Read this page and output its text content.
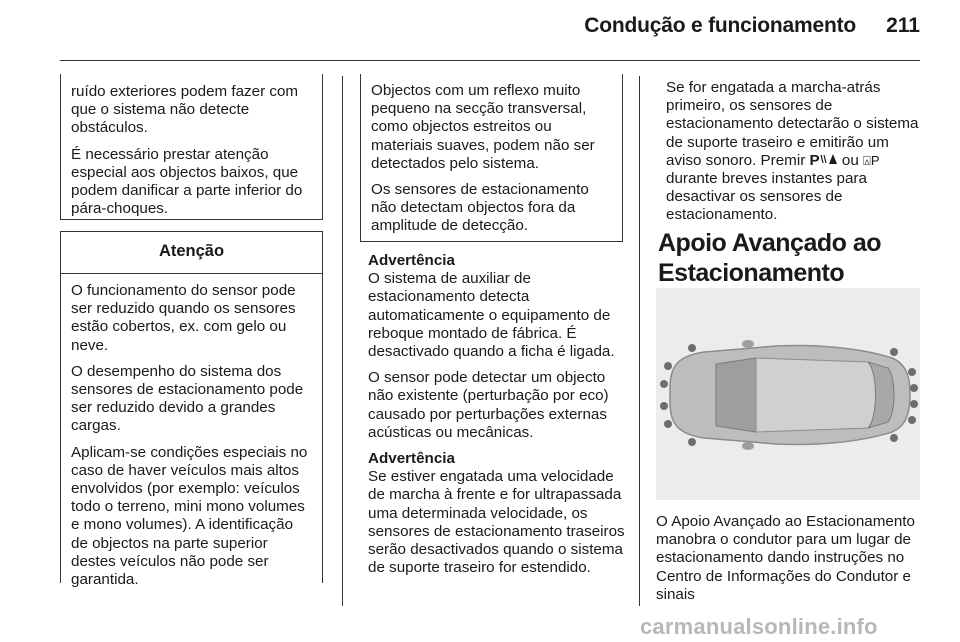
Condução e funcionamento 211

ruído exteriores podem fazer com que o sistema não detecte obstáculos.

É necessário prestar atenção especial aos objectos baixos, que podem danificar a parte inferior do pára-choques.

Atenção

O funcionamento do sensor pode ser reduzido quando os sensores estão cobertos, ex. com gelo ou neve.

O desempenho do sistema dos sensores de estacionamento pode ser reduzido devido a grandes cargas.

Aplicam-se condições especiais no caso de haver veículos mais altos envolvidos (por exemplo: veículos todo o terreno, mini mono volumes e mono volumes). A identificação de objectos na parte superior destes veículos não pode ser garantida.

Objectos com um reflexo muito pequeno na secção transversal, como objectos estreitos ou materiais suaves, podem não ser detectados pelo sistema.

Os sensores de estacionamento não detectam objectos fora da amplitude de detecção.

Advertência
O sistema de auxiliar de estacionamento detecta automaticamente o equipamento de reboque montado de fábrica. É desactivado quando a ficha é ligada.

O sensor pode detectar um objecto não existente (perturbação por eco) causado por perturbações externas acústicas ou mecânicas.

Advertência
Se estiver engatada uma velocidade de marcha à frente e for ultrapassada uma determinada velocidade, os sensores de estacionamento traseiros serão desactivados quando o sistema de suporte traseiro for estendido.

Se for engatada a marcha-atrás primeiro, os sensores de estacionamento detectarão o sistema de suporte traseiro e emitirão um aviso sonoro. Premir P ou ⍓P durante breves instantes para desactivar os sensores de estacionamento.

Apoio Avançado ao Estacionamento

O Apoio Avançado ao Estacionamento manobra o condutor para um lugar de estacionamento dando instruções no Centro de Informações do Condutor e sinais

carmanualsonline.info
